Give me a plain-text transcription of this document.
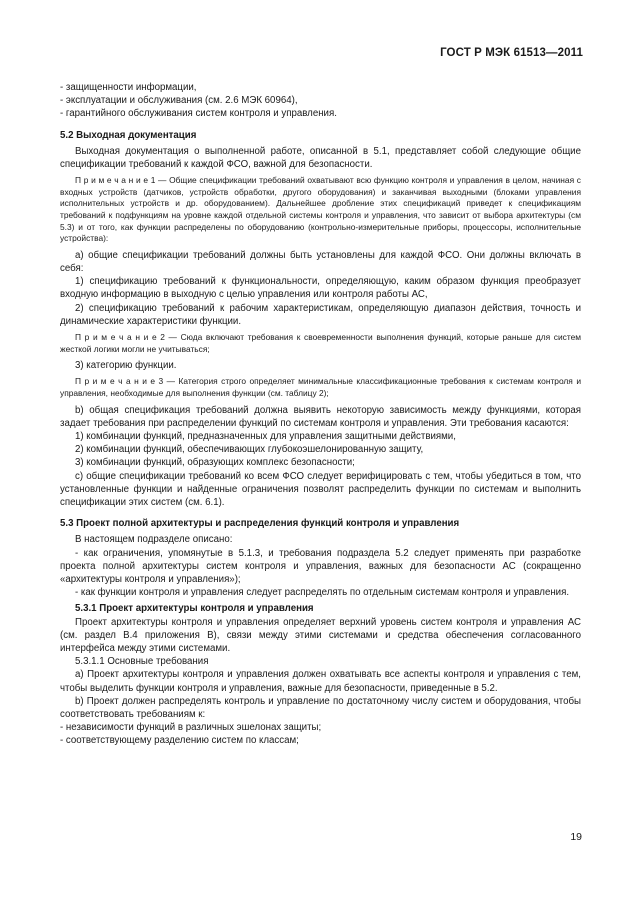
ГОСТ Р МЭК 61513—2011

- защищенности информации,

- эксплуатации и обслуживания (см. 2.6 МЭК 60964),

- гарантийного обслуживания систем контроля и управления.

5.2 Выходная документация

Выходная документация о выполненной работе, описанной в 5.1, представляет собой следующие общие спецификации требований к каждой ФСО, важной для безопасности.

П р и м е ч а н и е 1 — Общие спецификации требований охватывают всю функцию контроля и управления в целом, начиная с входных устройств (датчиков, устройств обработки, другого оборудования) и заканчивая выходными (блоками управления исполнительных устройств и др. оборудованием). Дальнейшее дробление этих спецификаций приведет к спецификациям требований к подфункциям на уровне каждой отдельной системы контроля и управления, что зависит от выбора архитектуры (см 5.3) и от того, как функции распределены по оборудованию (контрольно-измерительные приборы, процессоры, исполнительные устройства):

a) общие спецификации требований должны быть установлены для каждой ФСО. Они должны включать в себя:

1) спецификацию требований к функциональности, определяющую, каким образом функция преобразует входную информацию в выходную с целью управления или контроля работы АС,

2) спецификацию требований к рабочим характеристикам, определяющую диапазон действия, точность и динамические характеристики функции.

П р и м е ч а н и е 2 — Сюда включают требования к своевременности выполнения функций, которые раньше для систем жесткой логики могли не учитываться;

3) категорию функции.

П р и м е ч а н и е 3 — Категория строго определяет минимальные классификационные требования к системам контроля и управления, необходимые для выполнения функции (см. таблицу 2);

b) общая спецификация требований должна выявить некоторую зависимость между функциями, которая задает требования при распределении функций по системам контроля и управления. Эти требования касаются:

1) комбинации функций, предназначенных для управления защитными действиями,

2) комбинации функций, обеспечивающих глубокоэшелонированную защиту,

3) комбинации функций, образующих комплекс безопасности;

c) общие спецификации требований ко всем ФСО следует верифицировать с тем, чтобы убедиться в том, что установленные функции и найденные ограничения позволят распределить функции по системам и выполнить спецификации этих систем (см. 6.1).

5.3 Проект полной архитектуры и распределения функций контроля и управления

В настоящем подразделе описано:

- как ограничения, упомянутые в 5.1.3, и требования подраздела 5.2 следует применять при разработке проекта полной архитектуры систем контроля и управления, важных для безопасности АС (сокращенно «архитектуры контроля и управления»);

- как функции контроля и управления следует распределять по отдельным системам контроля и управления.

5.3.1 Проект архитектуры контроля и управления

Проект архитектуры контроля и управления определяет верхний уровень систем контроля и управления АС (см. раздел В.4 приложения В), связи между этими системами и средства обеспечения согласованного интерфейса между этими системами.

5.3.1.1 Основные требования

a) Проект архитектуры контроля и управления должен охватывать все аспекты контроля и управления с тем, чтобы выделить функции контроля и управления, важные для безопасности, приведенные в 5.2.

b) Проект должен распределять контроль и управление по достаточному числу систем и оборудования, чтобы соответствовать требованиям к:

- независимости функций в различных эшелонах защиты;

- соответствующему разделению систем по классам;

19
